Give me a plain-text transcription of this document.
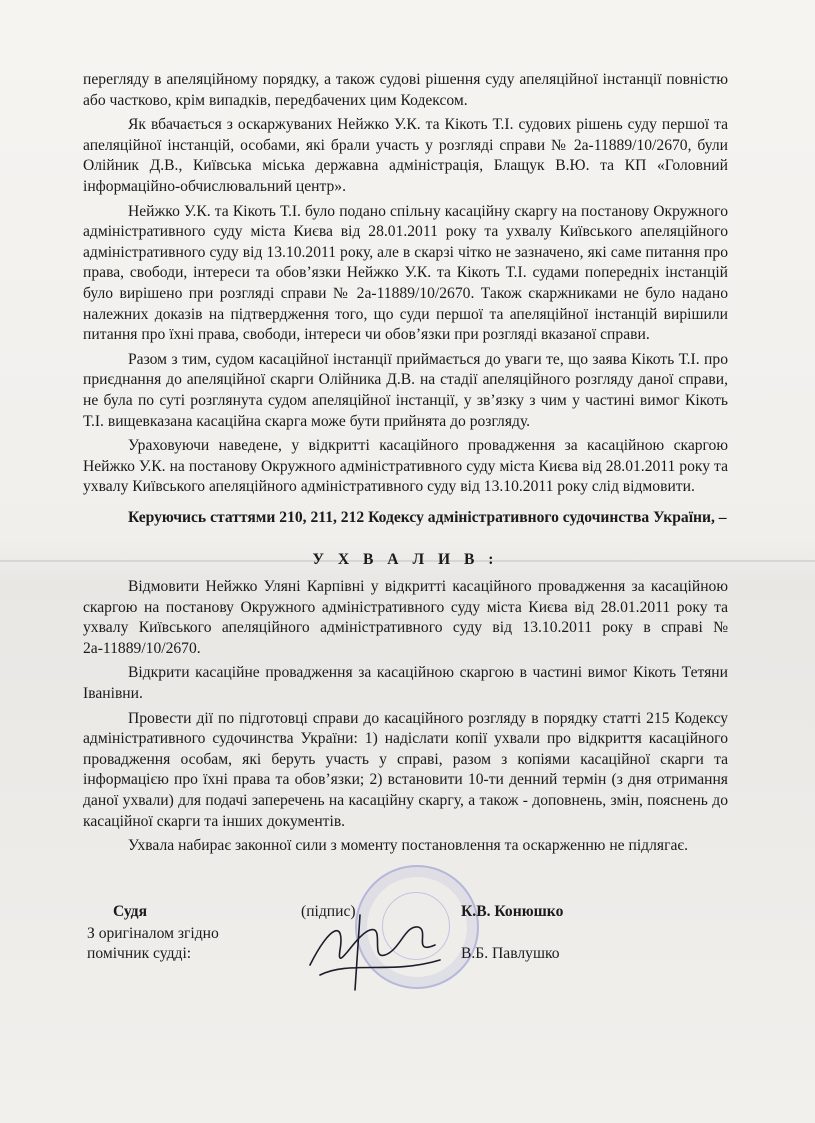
перегляду в апеляційному порядку, а також судові рішення суду апеляційної інстанції повністю або частково, крім випадків, передбачених цим Кодексом.

Як вбачається з оскаржуваних Нейжко У.К. та Кікоть Т.І. судових рішень суду першої та апеляційної інстанцій, особами, які брали участь у розгляді справи № 2а-11889/10/2670, були Олійник Д.В., Київська міська державна адміністрація, Блащук В.Ю. та КП «Головний інформаційно-обчислювальний центр».

Нейжко У.К. та Кікоть Т.І. було подано спільну касаційну скаргу на постанову Окружного адміністративного суду міста Києва від 28.01.2011 року та ухвалу Київського апеляційного адміністративного суду від 13.10.2011 року, але в скарзі чітко не зазначено, які саме питання про права, свободи, інтереси та обов’язки Нейжко У.К. та Кікоть Т.І. судами попередніх інстанцій було вирішено при розгляді справи № 2а-11889/10/2670. Також скаржниками не було надано належних доказів на підтвердження того, що суди першої та апеляційної інстанцій вирішили питання про їхні права, свободи, інтереси чи обов’язки при розгляді вказаної справи.

Разом з тим, судом касаційної інстанції приймається до уваги те, що заява Кікоть Т.І. про приєднання до апеляційної скарги Олійника Д.В. на стадії апеляційного розгляду даної справи, не була по суті розглянута судом апеляційної інстанції, у зв’язку з чим у частині вимог Кікоть Т.І. вищевказана касаційна скарга може бути прийнята до розгляду.

Ураховуючи наведене, у відкритті касаційного провадження за касаційною скаргою Нейжко У.К. на постанову Окружного адміністративного суду міста Києва від 28.01.2011 року та ухвалу Київського апеляційного адміністративного суду від 13.10.2011 року слід відмовити.

Керуючись статтями 210, 211, 212 Кодексу адміністративного судочинства України, –

У Х В А Л И В :

Відмовити Нейжко Уляні Карпівні у відкритті касаційного провадження за касаційною скаргою на постанову Окружного адміністративного суду міста Києва від 28.01.2011 року та ухвалу Київського апеляційного адміністративного суду від 13.10.2011 року в справі № 2а-11889/10/2670.

Відкрити касаційне провадження за касаційною скаргою в частині вимог Кікоть Тетяни Іванівни.

Провести дії по підготовці справи до касаційного розгляду в порядку статті 215 Кодексу адміністративного судочинства України: 1) надіслати копії ухвали про відкриття касаційного провадження особам, які беруть участь у справі, разом з копіями касаційної скарги та інформацією про їхні права та обов’язки; 2) встановити 10-ти денний термін (з дня отримання даної ухвали) для подачі заперечень на касаційну скаргу, а також - доповнень, змін, пояснень до касаційної скарги та інших документів.

Ухвала набирає законної сили з моменту постановлення та оскарженню не підлягає.

Судя	(підпис)	К.В. Конюшко
З оригіналом згідно
помічник судді:	В.Б. Павлушко
